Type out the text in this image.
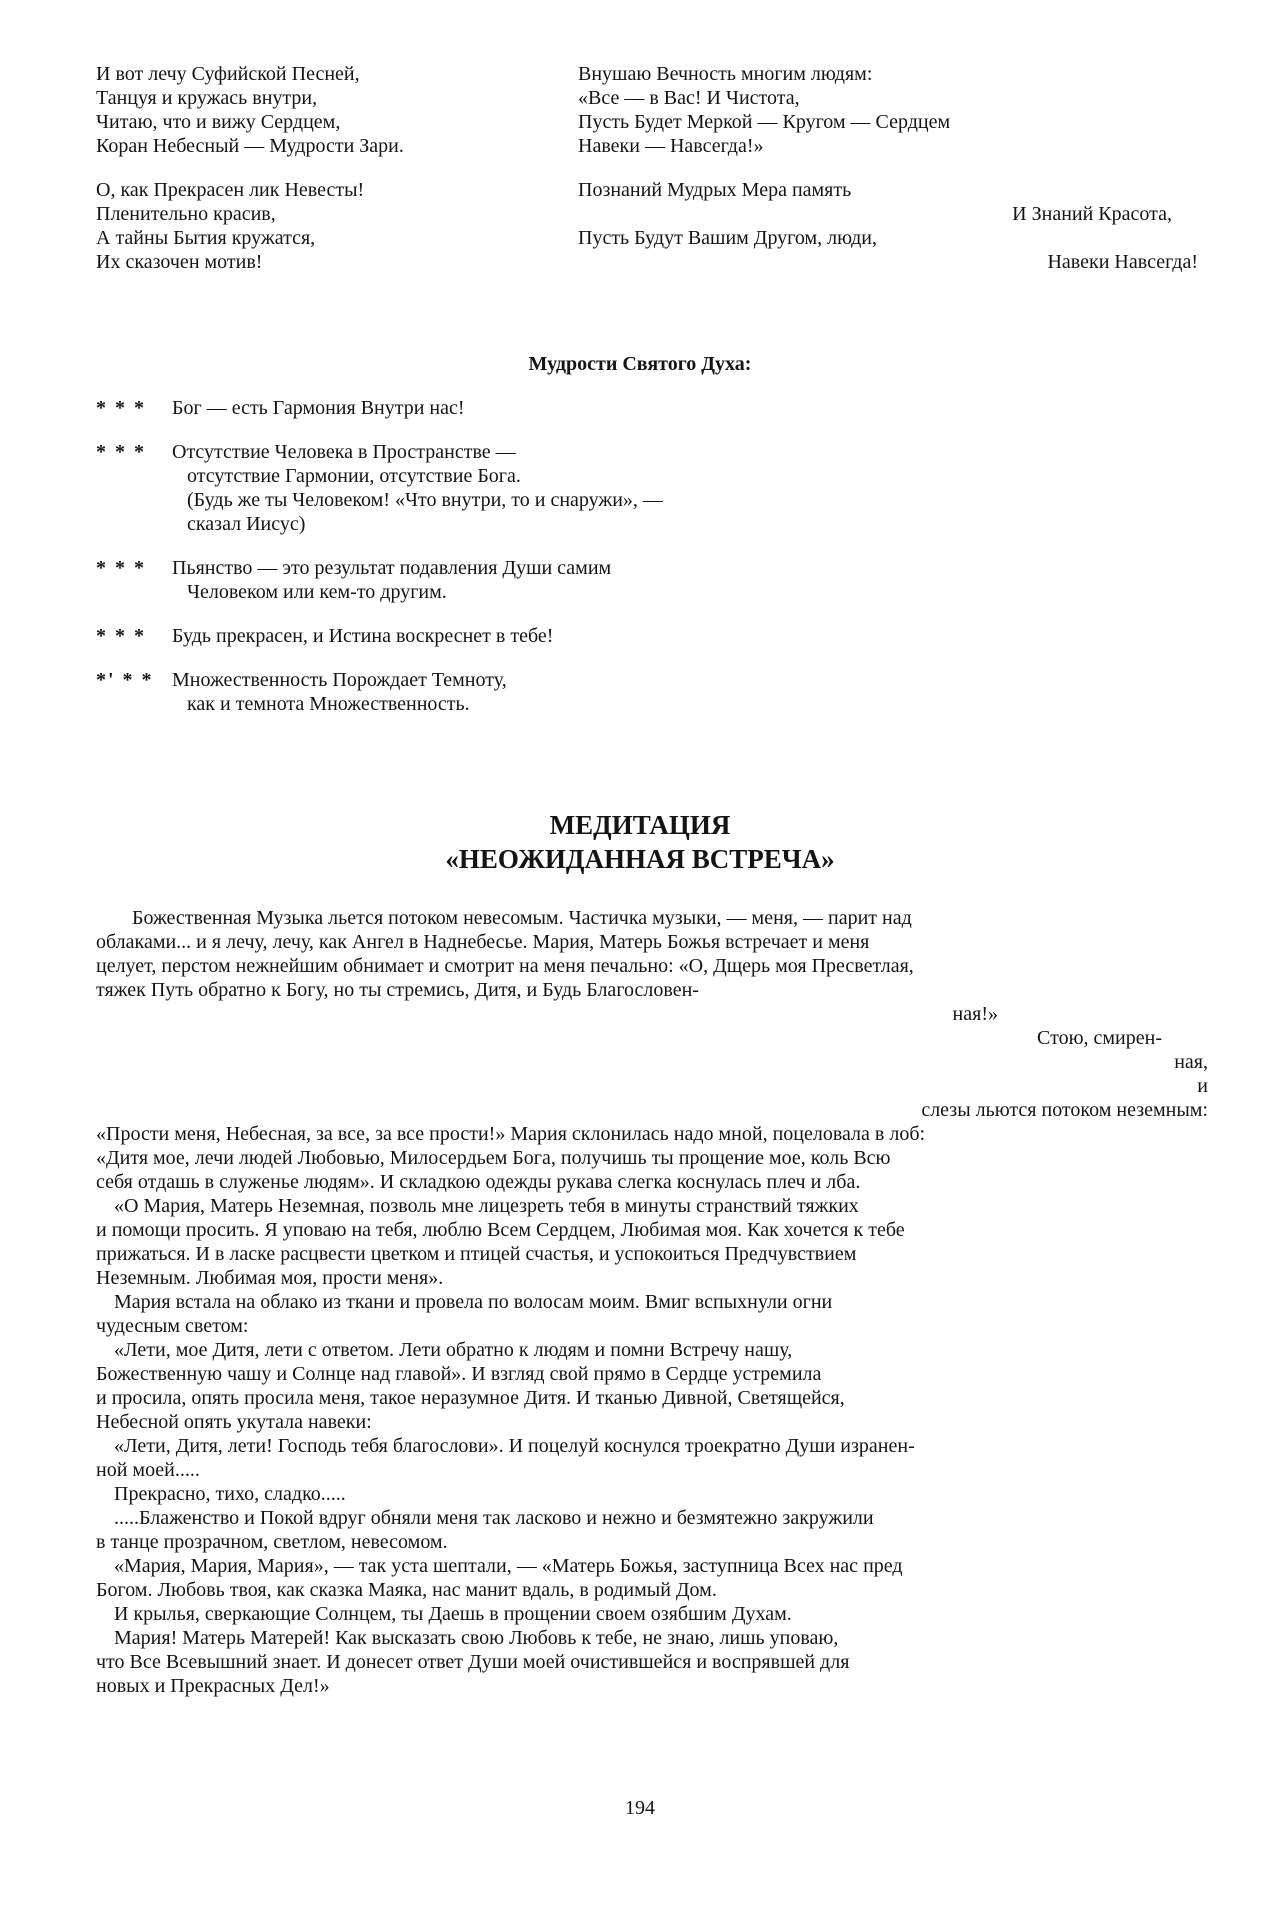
И вот лечу Суфийской Песней,
Танцуя и кружась внутри,
Читаю, что и вижу Сердцем,
Коран Небесный — Мудрости Зари.
О, как Прекрасен лик Невесты!
Пленительно красив,
А тайны Бытия кружатся,
Их сказочен мотив!
Внушаю Вечность многим людям:
«Все — в Вас! И Чистота,
Пусть Будет Меркой — Кругом — Сердцем
Навеки — Навсегда!»
Познаний Мудрых Мера память
И Знаний Красота,
Пусть Будут Вашим Другом, люди,
Навеки Навсегда!
Мудрости Святого Духа:
* * *	Бог — есть Гармония Внутри нас!
* * *	Отсутствие Человека в Пространстве —
отсутствие Гармонии, отсутствие Бога.
(Будь же ты Человеком! «Что внутри, то и снаружи», —
сказал Иисус)
* * *	Пьянство — это результат подавления Души самим
Человеком или кем-то другим.
* * *	Будь прекрасен, и Истина воскреснет в тебе!
*' * * Множественность Порождает Темноту,
как и темнота Множественность.
МЕДИТАЦИЯ
«НЕОЖИДАННАЯ ВСТРЕЧА»
Божественная Музыка льется потоком невесомым. Частичка музыки, — меня, — парит над
облаками... и я лечу, лечу, как Ангел в Наднебесье. Мария, Матерь Божья встречает и меня
целует, перстом нежнейшим обнимает и смотрит на меня печально: «О, Дщерь моя Пресветлая,
тяжек Путь обратно к Богу, но ты стремись, Дитя, и Будь Благословен-
ная!»
Стою, смирен-
ная,
и
слезы льются потоком неземным:
«Прости меня, Небесная, за все, за все прости!» Мария склонилась надо мной, поцеловала в лоб:
«Дитя мое, лечи людей Любовью, Милосердьем Бога, получишь ты прощение мое, коль Всю
себя отдашь в служенье людям». И складкою одежды рукава слегка коснулась плеч и лба.
«О Мария, Матерь Неземная, позволь мне лицезреть тебя в минуты странствий тяжких
и помощи просить. Я уповаю на тебя, люблю Всем Сердцем, Любимая моя. Как хочется к тебе
прижаться. И в ласке расцвести цветком и птицей счастья, и успокоиться Предчувствием
Неземным. Любимая моя, прости меня».
Мария встала на облако из ткани и провела по волосам моим. Вмиг вспыхнули огни
чудесным светом:
«Лети, мое Дитя, лети с ответом. Лети обратно к людям и помни Встречу нашу,
Божественную чашу и Солнце над главой». И взгляд свой прямо в Сердце устремила
и просила, опять просила меня, такое неразумное Дитя. И тканью Дивной, Светящейся,
Небесной опять укутала навеки:
«Лети, Дитя, лети! Господь тебя благослови». И поцелуй коснулся троекратно Души изранен-
ной моей.....
Прекрасно, тихо, сладко.....
.....Блаженство и Покой вдруг обняли меня так ласково и нежно и безмятежно закружили
в танце прозрачном, светлом, невесомом.
«Мария, Мария, Мария», — так уста шептали, — «Матерь Божья, заступница Всех нас пред
Богом. Любовь твоя, как сказка Маяка, нас манит вдаль, в родимый Дом.
И крылья, сверкающие Солнцем, ты Даешь в прощении своем озябшим Духам.
Мария! Матерь Матерей! Как высказать свою Любовь к тебе, не знаю, лишь уповаю,
что Все Всевышний знает. И донесет ответ Души моей очистившейся и воспрявшей для
новых и Прекрасных Дел!»
194
